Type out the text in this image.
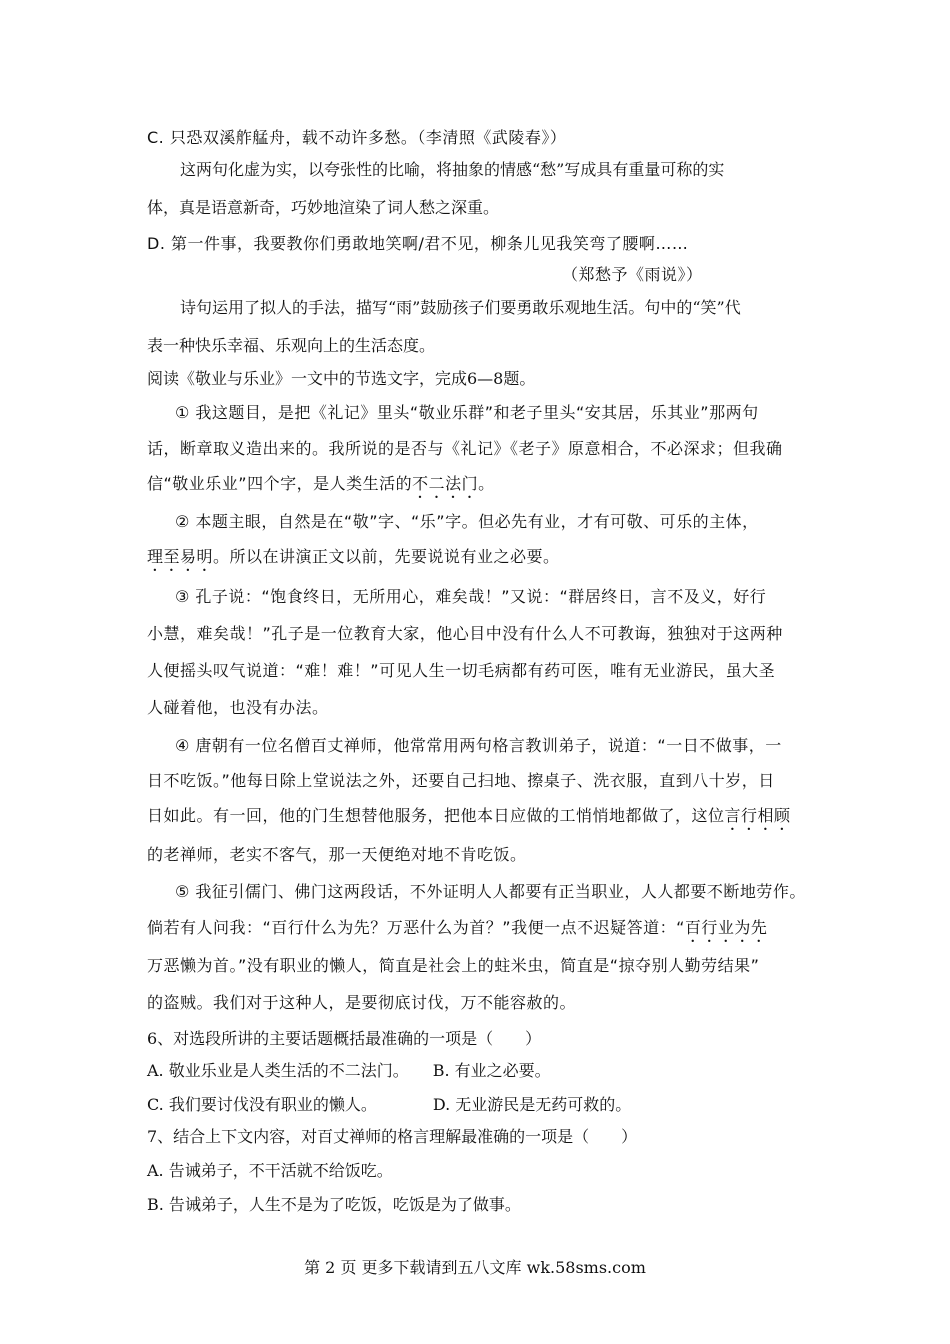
C. 只恐双溪舴艋舟，载不动许多愁。（李清照《武陵春》）
这两句化虚为实，以夸张性的比喻，将抽象的情感“愁”写成具有重量可称的实
体，真是语意新奇，巧妙地渲染了词人愁之深重。
D. 第一件事，我要教你们勇敢地笑啊/君不见，柳条儿见我笑弯了腰啊……
（郑愁予《雨说》）
诗句运用了拟人的手法，描写“雨”鼓励孩子们要勇敢乐观地生活。句中的“笑”代
表一种快乐幸福、乐观向上的生活态度。
阅读《敬业与乐业》一文中的节选文字，完成6—8题。
① 我这题目，是把《礼记》里头“敬业乐群”和老子里头“安其居，乐其业”那两句
话，断章取义造出来的。我所说的是否与《礼记》《老子》原意相合，不必深求；但我确
信“敬业乐业”四个字，是人类生活的不二法门。
② 本题主眼，自然是在“敬”字、“乐”字。但必先有业，才有可敬、可乐的主体，
理至易明。所以在讲演正文以前，先要说说有业之必要。
③ 孔子说：“饱食终日，无所用心，难矣哉！”又说：“群居终日，言不及义，好行
小慧，难矣哉！”孔子是一位教育大家，他心目中没有什么人不可教诲，独独对于这两种
人便摇头叹气说道：“难！难！”可见人生一切毛病都有药可医，唯有无业游民，虽大圣
人碰着他，也没有办法。
④ 唐朝有一位名僧百丈禅师，他常常用两句格言教训弟子，说道：“一日不做事，一
日不吃饭。”他每日除上堂说法之外，还要自己扫地、擦桌子、洗衣服，直到八十岁，日
日如此。有一回，他的门生想替他服务，把他本日应做的工悄悄地都做了，这位言行相顾
的老禅师，老实不客气，那一天便绝对地不肯吃饭。
⑤ 我征引儒门、佛门这两段话，不外证明人人都要有正当职业，人人都要不断地劳作。
倘若有人问我：“百行什么为先？万恶什么为首？”我便一点不迟疑答道：“百行业为先
万恶懒为首。”没有职业的懒人，简直是社会上的蛀米虫，简直是“掠夺别人勤劳结果”
的盗贼。我们对于这种人，是要彻底讨伐，万不能容赦的。
6、对选段所讲的主要话题概括最准确的一项是（　　）
A. 敬业乐业是人类生活的不二法门。　　B. 有业之必要。
C. 我们要讨伐没有职业的懒人。　　　　D. 无业游民是无药可救的。
7、结合上下文内容，对百丈禅师的格言理解最准确的一项是（　　）
A. 告诫弟子，不干活就不给饭吃。
B. 告诫弟子，人生不是为了吃饭，吃饭是为了做事。
第 2 页 更多下载请到五八文库 wk.58sms.com
